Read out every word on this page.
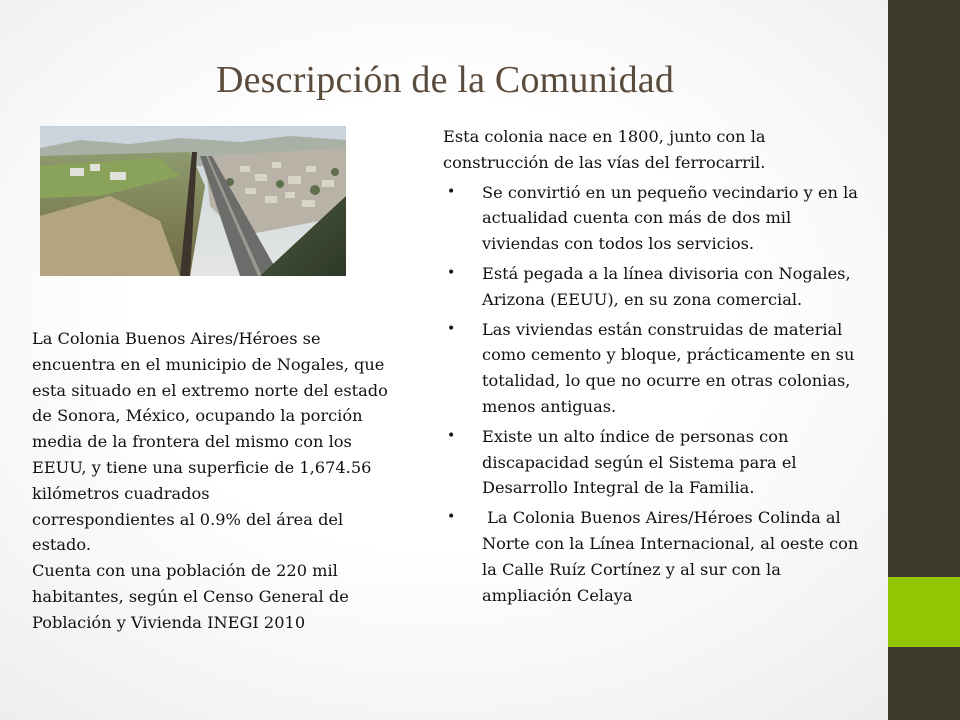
Descripción de la Comunidad

La Colonia Buenos Aires/Héroes se encuentra en el municipio de Nogales, que esta situado en el extremo norte del estado de Sonora, México, ocupando la porción media de la frontera del mismo con los EEUU, y tiene una superficie de 1,674.56 kilómetros cuadrados

correspondientes al 0.9% del área del estado.

Cuenta con una población de 220 mil habitantes, según el Censo General de Población y Vivienda INEGI 2010

Esta colonia nace en 1800, junto con la construcción de las vías del ferrocarril.

• Se convirtió en un pequeño vecindario y en la actualidad cuenta con más de dos mil viviendas con todos los servicios.
• Está pegada a la línea divisoria con Nogales, Arizona (EEUU), en su zona comercial.
• Las viviendas están construidas de material como cemento y bloque, prácticamente en su totalidad, lo que no ocurre en otras colonias, menos antiguas.
• Existe un alto índice de personas con discapacidad según el Sistema para el Desarrollo Integral de la Familia.
• La Colonia Buenos Aires/Héroes Colinda al Norte con la Línea Internacional, al oeste con la Calle Ruíz Cortínez y al sur con la ampliación Celaya
